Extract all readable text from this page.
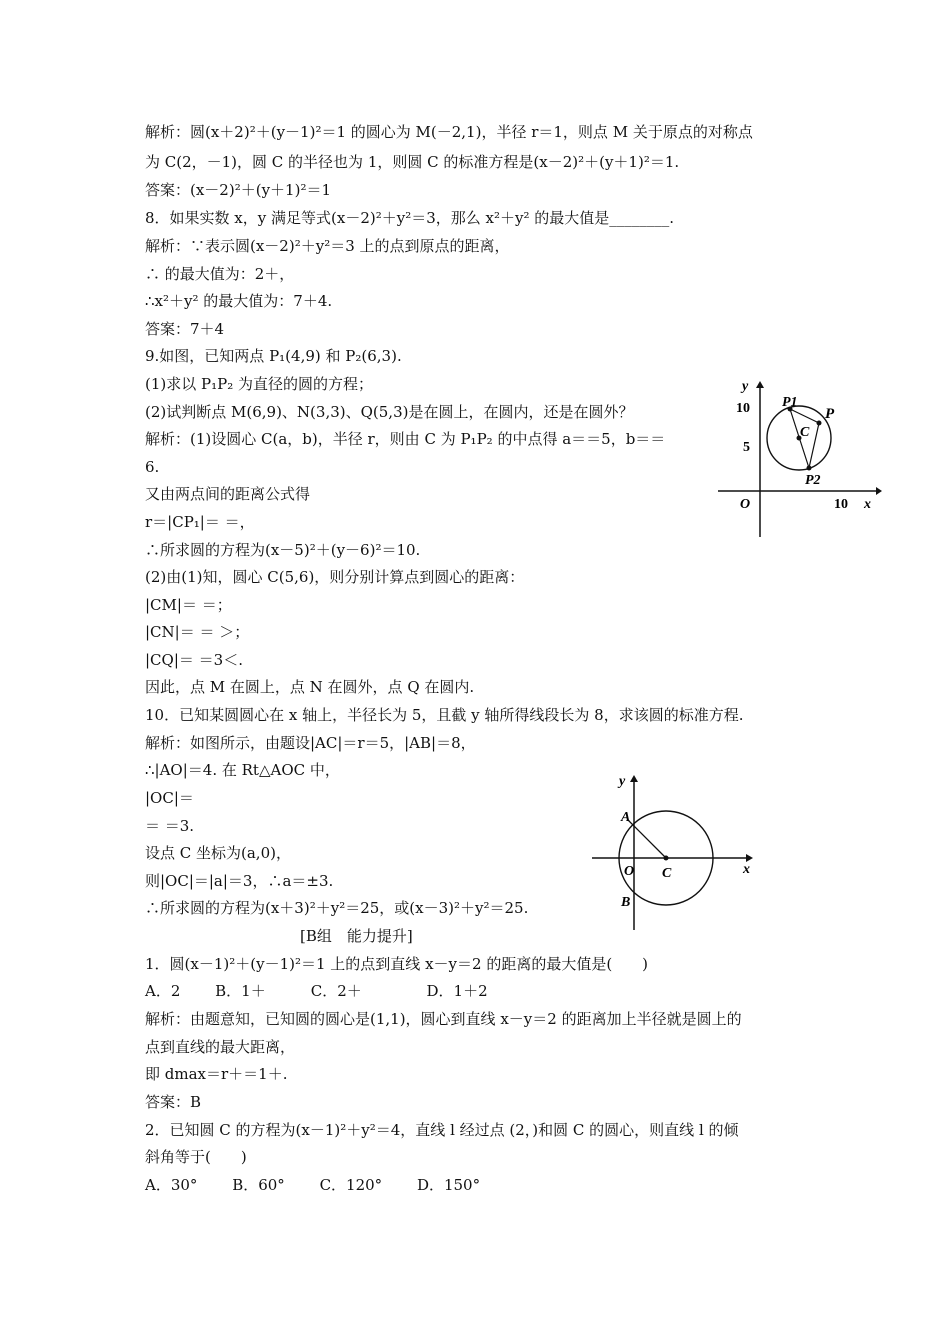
解析：圆(x＋2)²＋(y－1)²＝1 的圆心为 M(－2,1)，半径 r＝1，则点 M 关于原点的对称点
为 C(2，－1)，圆 C 的半径也为 1，则圆 C 的标准方程是(x－2)²＋(y＋1)²＝1.
答案：(x－2)²＋(y＋1)²＝1
8．如果实数 x，y 满足等式(x－2)²＋y²＝3，那么 x²＋y² 的最大值是________.
解析：∵表示圆(x－2)²＋y²＝3 上的点到原点的距离，
∴ 的最大值为：2＋，
∴x²＋y² 的最大值为：7＋4.
答案：7＋4
9.如图，已知两点 P₁(4,9) 和 P₂(6,3).
(1)求以 P₁P₂ 为直径的圆的方程；
(2)试判断点 M(6,9)、N(3,3)、Q(5,3)是在圆上，在圆内，还是在圆外？
解析：(1)设圆心 C(a，b)，半径 r，则由 C 为 P₁P₂ 的中点得 a＝＝5，b＝＝
6.
又由两点间的距离公式得
r＝|CP₁|＝ ＝，
∴所求圆的方程为(x－5)²＋(y－6)²＝10.
(2)由(1)知，圆心 C(5,6)，则分别计算点到圆心的距离：
|CM|＝ ＝；
|CN|＝ ＝ ＞；
|CQ|＝ ＝3＜.
因此，点 M 在圆上，点 N 在圆外，点 Q 在圆内.
10．已知某圆圆心在 x 轴上，半径长为 5，且截 y 轴所得线段长为 8，求该圆的标准方程.
解析：如图所示，由题设|AC|＝r＝5，|AB|＝8，
∴|AO|＝4. 在 Rt△AOC 中，
|OC|＝
＝ ＝3.
设点 C 坐标为(a,0)，
则|OC|＝|a|＝3，∴a＝±3.
∴所求圆的方程为(x＋3)²＋y²＝25，或(x－3)²＋y²＝25.
[B组　能力提升]
1．圆(x－1)²＋(y－1)²＝1 上的点到直线 x－y＝2 的距离的最大值是(　　)
A．2　　 B．1＋　　　C．2＋　　　　 D．1＋2
解析：由题意知，已知圆的圆心是(1,1)，圆心到直线 x－y＝2 的距离加上半径就是圆上的
点到直线的最大距离，
即 dmax＝r＋＝1＋.
答案：B
2．已知圆 C 的方程为(x－1)²＋y²＝4，直线 l 经过点 (2，)和圆 C 的圆心，则直线 l 的倾
斜角等于(　　)
A．30°　　 B．60°　　 C．120°　　 D．150°
y
x
O
10
5
10
P1
P
C
P2
y
x
O
A
B
C
